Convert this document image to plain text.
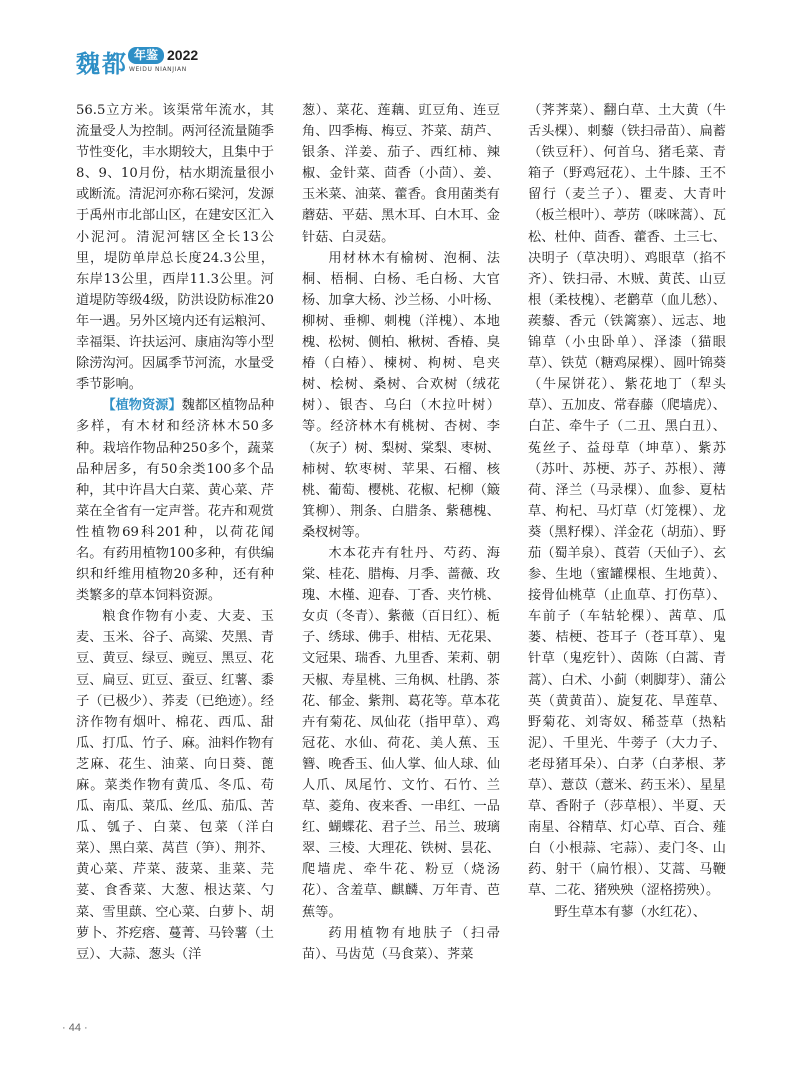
魏都 年鉴 2022
WEIDU NIANJIAN

56.5立方米。该渠常年流水，其流量受人为控制。两河径流量随季节性变化，丰水期较大，且集中于8、9、10月份，枯水期流量很小或断流。清泥河亦称石梁河，发源于禹州市北部山区，在建安区汇入小泥河。清泥河辖区全长13公里，堤防单岸总长度24.3公里，东岸13公里，西岸11.3公里。河道堤防等级4级，防洪设防标准20年一遇。另外区境内还有运粮河、幸福渠、许扶运河、康庙沟等小型除涝沟河。因属季节河流，水量受季节影响。

【植物资源】魏都区植物品种多样，有木材和经济林木50多种。栽培作物品种250多个，蔬菜品种居多，有50余类100多个品种，其中许昌大白菜、黄心菜、芹菜在全省有一定声誉。花卉和观赏性植物69科201种，以荷花闻名。有药用植物100多种，有供编织和纤维用植物20多种，还有种类繁多的草本饲料资源。

粮食作物有小麦、大麦、玉麦、玉米、谷子、高粱、芡黑、青豆、黄豆、绿豆、豌豆、黑豆、花豆、扁豆、豇豆、蚕豆、红薯、黍子（已极少）、荞麦（已绝迹）。经济作物有烟叶、棉花、西瓜、甜瓜、打瓜、竹子、麻。油料作物有芝麻、花生、油菜、向日葵、蓖麻。菜类作物有黄瓜、冬瓜、苟瓜、南瓜、菜瓜、丝瓜、茄瓜、苦瓜、瓠子、白菜、包菜（洋白菜）、黑白菜、莴苣（笋）、荆芥、黄心菜、芹菜、菠菜、韭菜、芫荽、食香菜、大葱、根达菜、勺菜、雪里蕻、空心菜、白萝卜、胡萝卜、芥疙瘩、蔓菁、马铃薯（土豆）、大蒜、葱头（洋

葱）、菜花、莲藕、豇豆角、连豆角、四季梅、梅豆、芥菜、葫芦、银条、洋姜、茄子、西红柿、辣椒、金针菜、茴香（小茴）、姜、玉米菜、油菜、藿香。食用菌类有蘑菇、平菇、黑木耳、白木耳、金针菇、白灵菇。

用材林木有榆树、泡桐、法桐、梧桐、白杨、毛白杨、大官杨、加拿大杨、沙兰杨、小叶杨、柳树、垂柳、刺槐（洋槐）、本地槐、松树、侧柏、楸树、香椿、臭椿（白椿）、楝树、枸树、皂夹树、桧树、桑树、合欢树（绒花树）、银杏、乌臼（木拉叶树）等。经济林木有桃树、杏树、李（灰子）树、梨树、棠梨、枣树、柿树、软枣树、苹果、石榴、核桃、葡萄、樱桃、花椒、杞柳（簸箕柳）、荆条、白腊条、紫穗槐、桑杈树等。

木本花卉有牡丹、芍药、海棠、桂花、腊梅、月季、蔷薇、玫瑰、木槿、迎春、丁香、夹竹桃、女贞（冬青）、紫薇（百日红）、栀子、绣球、佛手、柑桔、无花果、文冠果、瑞香、九里香、茉莉、朝天椒、寿星桃、三角枫、杜鹃、茶花、郁金、紫荆、葛花等。草本花卉有菊花、凤仙花（指甲草）、鸡冠花、水仙、荷花、美人蕉、玉簪、晚香玉、仙人掌、仙人球、仙人爪、凤尾竹、文竹、石竹、兰草、菱角、夜来香、一串红、一品红、蝴蝶花、君子兰、吊兰、玻璃翠、三棱、大理花、铁树、昙花、爬墙虎、牵牛花、粉豆（烧汤花）、含羞草、麒麟、万年青、芭蕉等。

药用植物有地肤子（扫帚苗）、马齿苋（马食菜）、荠菜

（荠荠菜）、翻白草、土大黄（牛舌头棵）、刺藜（铁扫帚苗）、扁蓄（铁豆秆）、何首乌、猪毛菜、青箱子（野鸡冠花）、土牛膝、王不留行（麦兰子）、瞿麦、大青叶（板兰根叶）、葶苈（咪咪蒿）、瓦松、杜仲、茴香、藿香、土三七、决明子（草决明）、鸡眼草（掐不齐）、铁扫帚、木贼、黄芪、山豆根（柔枝槐）、老鹳草（血儿愁）、蒺藜、香元（铁篱寨）、远志、地锦草（小虫卧单）、泽漆（猫眼草）、铁苋（糖鸡屎棵）、圆叶锦葵（牛屎饼花）、紫花地丁（犁头草）、五加皮、常春藤（爬墙虎）、白芷、牵牛子（二丑、黑白丑）、菟丝子、益母草（坤草）、紫苏（苏叶、苏梗、苏子、苏根）、薄荷、泽兰（马录棵）、血参、夏枯草、枸杞、马灯草（灯笼棵）、龙葵（黑籽棵）、洋金花（胡茄）、野茄（蜀羊泉）、莨菪（天仙子）、玄参、生地（蜜罐棵根、生地黄）、接骨仙桃草（止血草、打伤草）、车前子（车轱轮棵）、茜草、瓜蒌、桔梗、苍耳子（苍耳草）、鬼针草（鬼疙针）、茵陈（白蒿、青蒿）、白术、小蓟（刺脚芽）、蒲公英（黄黄苗）、旋复花、旱莲草、野菊花、刘寄奴、稀莶草（热粘泥）、千里光、牛蒡子（大力子、老母猪耳朵）、白茅（白茅根、茅草）、薏苡（薏米、药玉米）、星星草、香附子（莎草根）、半夏、天南星、谷精草、灯心草、百合、薤白（小根蒜、宅蒜）、麦门冬、山药、射干（扁竹根）、艾蒿、马鞭草、二花、猪殃殃（涩格捞殃）。

野生草本有蓼（水红花）、

· 44 ·
